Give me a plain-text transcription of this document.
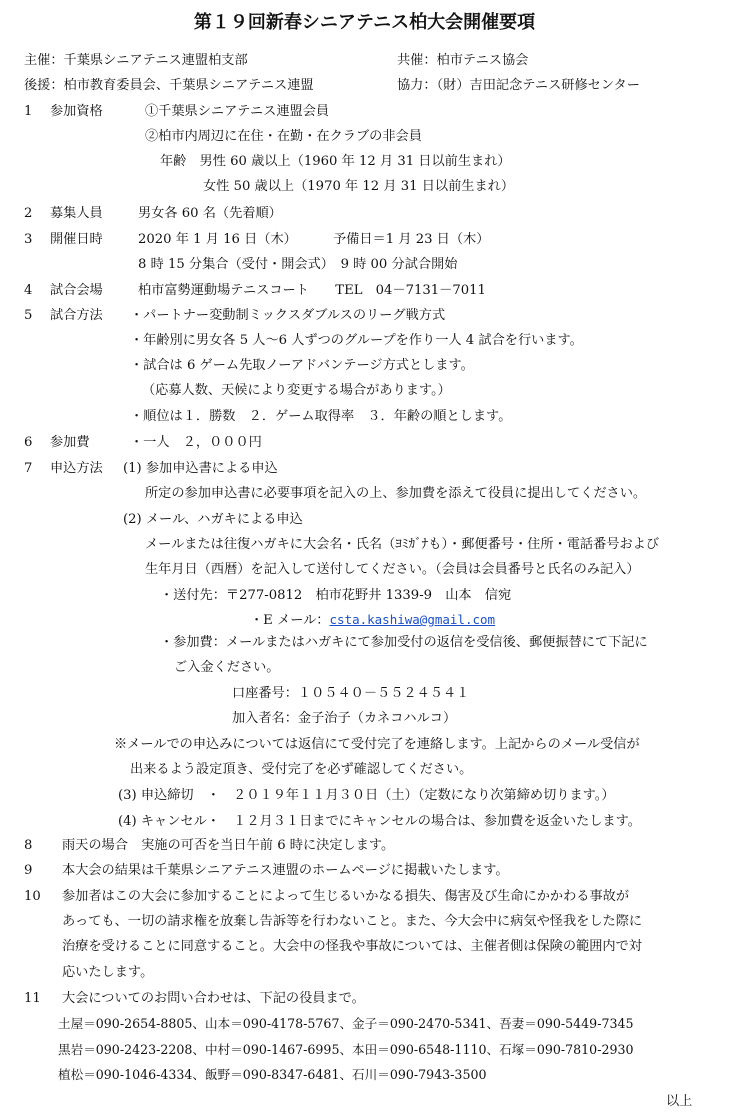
第１９回新春シニアテニス柏大会開催要項
主催：千葉県シニアテニス連盟柏支部	共催：柏市テニス協会
後援：柏市教育委員会、千葉県シニアテニス連盟	協力：（財）吉田記念テニス研修センター
1 参加資格	①千葉県シニアテニス連盟会員
②柏市内周辺に在住・在勤・在クラブの非会員
年齢　男性 60 歳以上（1960 年 12 月 31 日以前生まれ）
女性 50 歳以上（1970 年 12 月 31 日以前生まれ）
2 募集人員	男女各 60 名（先着順）
3 開催日時	2020 年 1 月 16 日（木）	予備日＝1 月 23 日（木）
8 時 15 分集合（受付・開会式）　9 時 00 分試合開始
4 試合会場	柏市富勢運動場テニスコート　　TEL　04－7131－7011
5 試合方法 ・パートナー変動制ミックスダブルスのリーグ戦方式
・年齢別に男女各 5 人～6 人ずつのグループを作り一人 4 試合を行います。
・試合は 6 ゲーム先取ノーアドバンテージ方式とします。
（応募人数、天候により変更する場合があります。）
・順位は１．勝数　２．ゲーム取得率　３．年齢の順とします。
6 参加費	・一人　２，０００円
7 申込方法 (1) 参加申込書による申込
所定の参加申込書に必要事項を記入の上、参加費を添えて役員に提出してください。
(2) メール、ハガキによる申込
メールまたは往復ハガキに大会名・氏名（ﾖﾐｶﾞﾅも）・郵便番号・住所・電話番号および
生年月日（西暦）を記入して送付してください。（会員は会員番号と氏名のみ記入）
・送付先：〒277-0812　柏市花野井 1339-9　山本　信宛
・E メール：csta.kashiwa@gmail.com
・参加費：メールまたはハガキにて参加受付の返信を受信後、郵便振替にて下記に
ご入金ください。
口座番号：１０５４０－５５２４５４１
加入者名：金子治子（カネコハルコ）
※メールでの申込みについては返信にて受付完了を連絡します。上記からのメール受信が
出来るよう設定頂き、受付完了を必ず確認してください。
(3) 申込締切　・　２０１９年１１月３０日（土）（定数になり次第締め切ります。）
(4) キャンセル・　１２月３１日までにキャンセルの場合は、参加費を返金いたします。
8 雨天の場合　実施の可否を当日午前 6 時に決定します。
9 本大会の結果は千葉県シニアテニス連盟のホームページに掲載いたします。
10 参加者はこの大会に参加することによって生じるいかなる損失、傷害及び生命にかかわる事故が
あっても、一切の請求権を放棄し告訴等を行わないこと。また、今大会中に病気や怪我をした際に
治療を受けることに同意すること。大会中の怪我や事故については、主催者側は保険の範囲内で対
応いたします。
11 大会についてのお問い合わせは、下記の役員まで。
土屋＝090-2654-8805、山本＝090-4178-5767、金子＝090-2470-5341、吾妻＝090-5449-7345
黒岩＝090-2423-2208、中村＝090-1467-6995、本田＝090-6548-1110、石塚＝090-7810-2930
植松＝090-1046-4334、飯野＝090-8347-6481、石川＝090-7943-3500
以上
